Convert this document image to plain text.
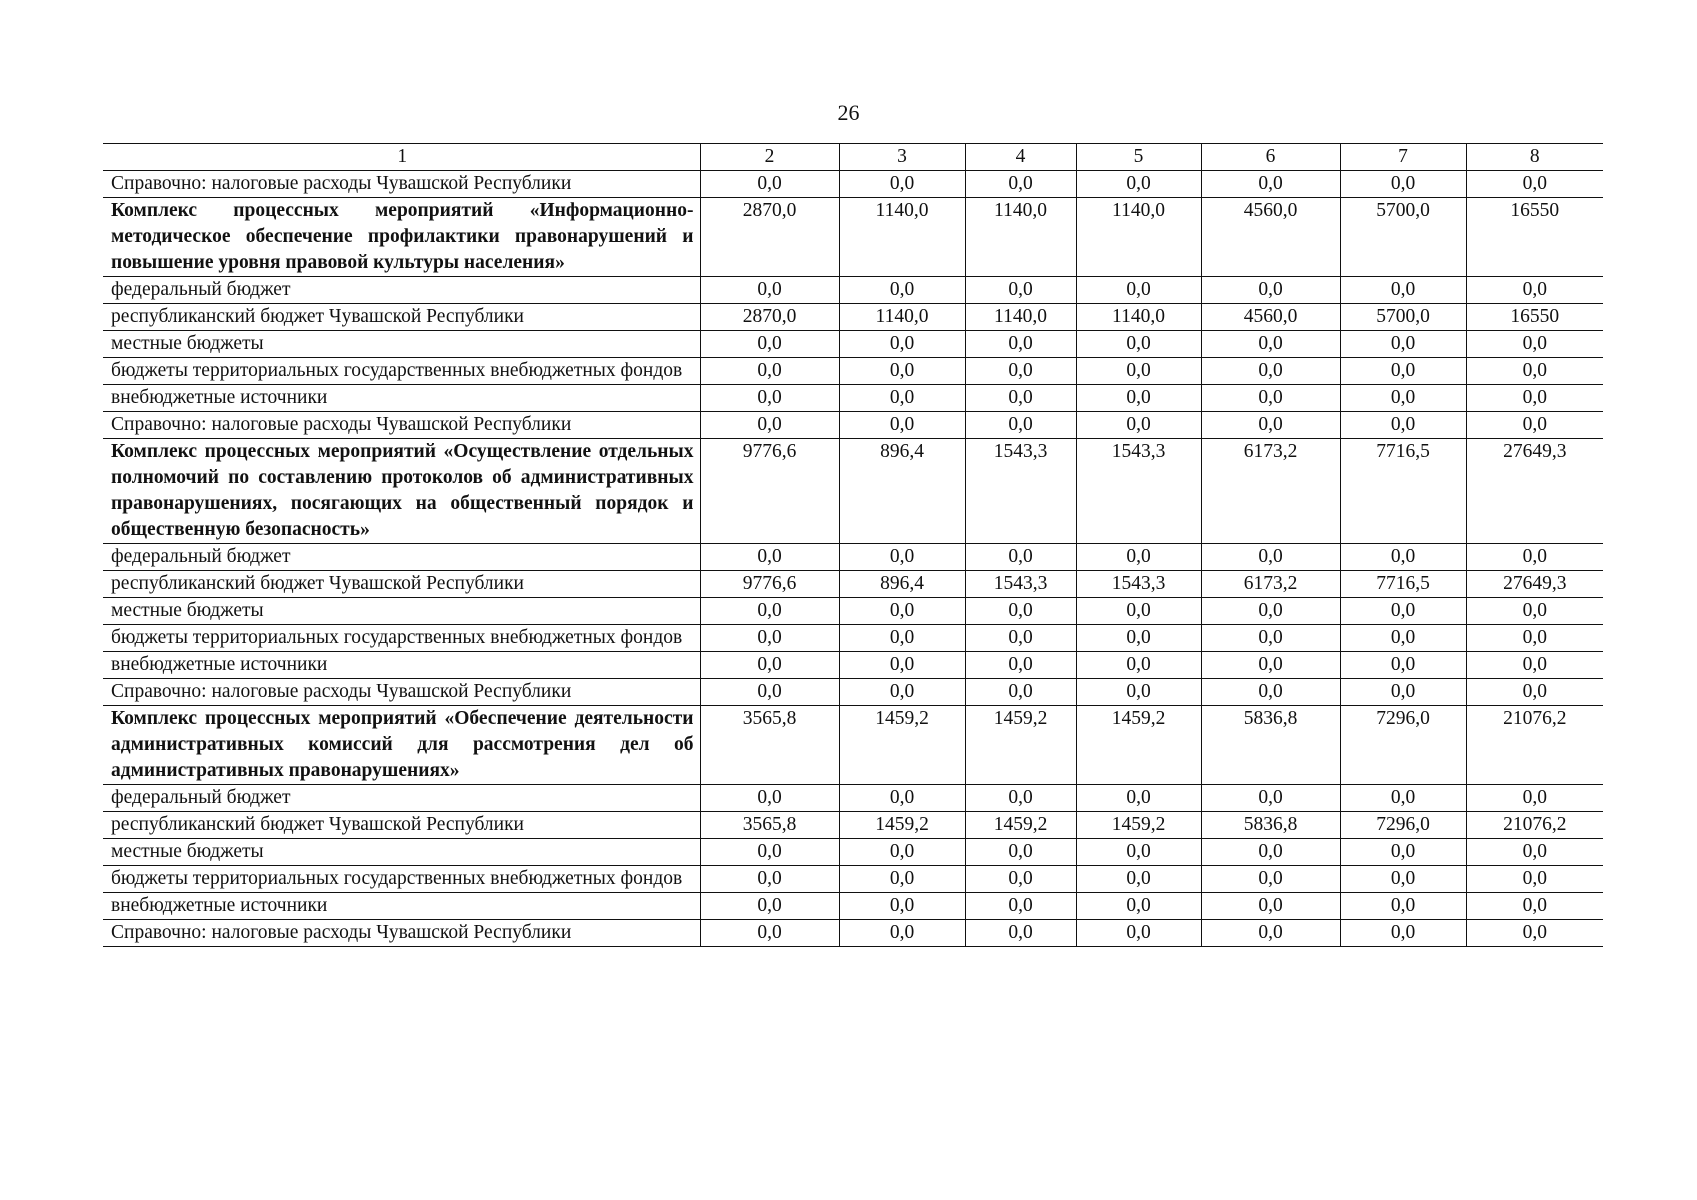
26
1	2	3	4	5	6	7	8
Справочно: налоговые расходы Чувашской Республики	0,0	0,0	0,0	0,0	0,0	0,0	0,0
Комплекс процессных мероприятий «Информационно-методическое обеспечение профилактики правонарушений и повышение уровня правовой культуры населения»	2870,0	1140,0	1140,0	1140,0	4560,0	5700,0	16550
федеральный бюджет	0,0	0,0	0,0	0,0	0,0	0,0	0,0
республиканский бюджет Чувашской Республики	2870,0	1140,0	1140,0	1140,0	4560,0	5700,0	16550
местные бюджеты	0,0	0,0	0,0	0,0	0,0	0,0	0,0
бюджеты территориальных государственных внебюджетных фондов	0,0	0,0	0,0	0,0	0,0	0,0	0,0
внебюджетные источники	0,0	0,0	0,0	0,0	0,0	0,0	0,0
Справочно: налоговые расходы Чувашской Республики	0,0	0,0	0,0	0,0	0,0	0,0	0,0
Комплекс процессных мероприятий «Осуществление отдельных полномочий по составлению протоколов об административных правонарушениях, посягающих на общественный порядок и общественную безопасность»	9776,6	896,4	1543,3	1543,3	6173,2	7716,5	27649,3
федеральный бюджет	0,0	0,0	0,0	0,0	0,0	0,0	0,0
республиканский бюджет Чувашской Республики	9776,6	896,4	1543,3	1543,3	6173,2	7716,5	27649,3
местные бюджеты	0,0	0,0	0,0	0,0	0,0	0,0	0,0
бюджеты территориальных государственных внебюджетных фондов	0,0	0,0	0,0	0,0	0,0	0,0	0,0
внебюджетные источники	0,0	0,0	0,0	0,0	0,0	0,0	0,0
Справочно: налоговые расходы Чувашской Республики	0,0	0,0	0,0	0,0	0,0	0,0	0,0
Комплекс процессных мероприятий «Обеспечение деятельности административных комиссий для рассмотрения дел об административных правонарушениях»	3565,8	1459,2	1459,2	1459,2	5836,8	7296,0	21076,2
федеральный бюджет	0,0	0,0	0,0	0,0	0,0	0,0	0,0
республиканский бюджет Чувашской Республики	3565,8	1459,2	1459,2	1459,2	5836,8	7296,0	21076,2
местные бюджеты	0,0	0,0	0,0	0,0	0,0	0,0	0,0
бюджеты территориальных государственных внебюджетных фондов	0,0	0,0	0,0	0,0	0,0	0,0	0,0
внебюджетные источники	0,0	0,0	0,0	0,0	0,0	0,0	0,0
Справочно: налоговые расходы Чувашской Республики	0,0	0,0	0,0	0,0	0,0	0,0	0,0
